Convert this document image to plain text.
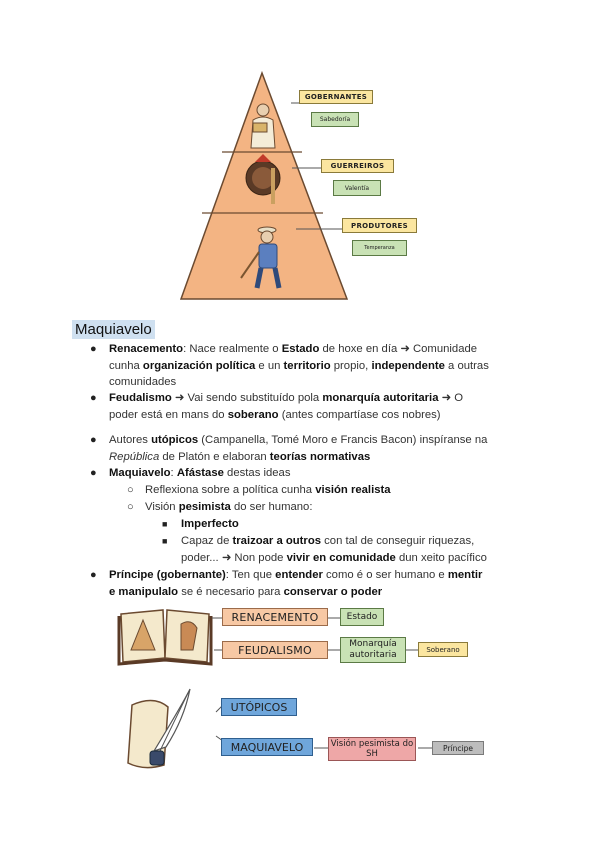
GOBERNANTES
Sabedoría
GUERREIROS
Valentía
PRODUTORES
Temperanza
Maquiavelo
● Renacemento: Nace realmente o Estado de hoxe en día ➜ Comunidade
cunha organización política e un territorio propio, independente a outras
comunidades
● Feudalismo ➜ Vai sendo substituído pola monarquía autoritaria ➜ O
poder está en mans do soberano (antes compartíase cos nobres)
● Autores utópicos (Campanella, Tomé Moro e Francis Bacon) inspíranse na
República de Platón e elaboran teorías normativas
● Maquiavelo: Afástase destas ideas
○ Reflexiona sobre a política cunha visión realista
○ Visión pesimista do ser humano:
■ Imperfecto
■ Capaz de traizoar a outros con tal de conseguir riquezas,
poder... ➜ Non pode vivir en comunidade dun xeito pacífico
● Príncipe (gobernante): Ten que entender como é o ser humano e mentir
e manipulalo se é necesario para conservar o poder
RENACEMENTO	Estado
FEUDALISMO	Monarquía autoritaria
Soberano
UTÓPICOS
MAQUIAVELO	Visión pesimista do SH
Príncipe
